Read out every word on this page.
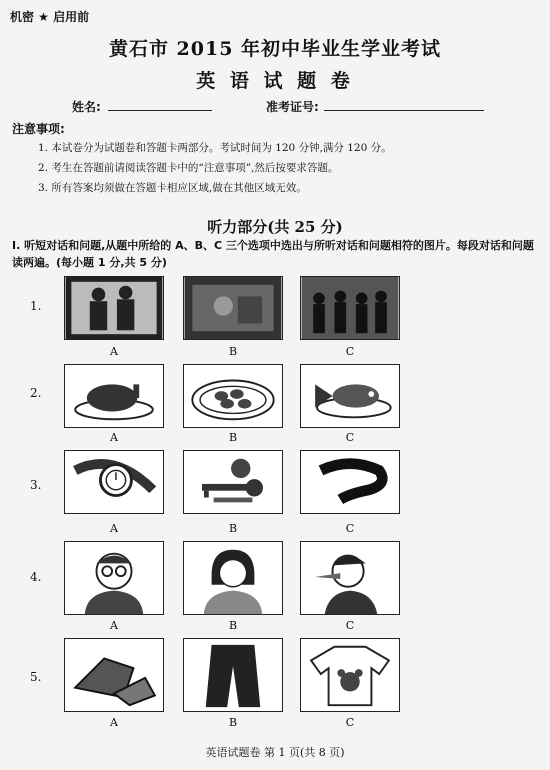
机密 ★ 启用前
黄石市 2015 年初中毕业生学业考试
英 语 试 题 卷
姓名:	准考证号:
注意事项:
1. 本试卷分为试题卷和答题卡两部分。考试时间为 120 分钟,满分 120 分。
2. 考生在答题前请阅读答题卡中的“注意事项”,然后按要求答题。
3. 所有答案均须做在答题卡相应区域,做在其他区域无效。
听力部分(共 25 分)
I. 听短对话和问题,从题中所给的 A、B、C 三个选项中选出与所听对话和问题相符的图片。每段对话和问题读两遍。(每小题 1 分,共 5 分)
1.
A	B	C
2.
A	B	C
3.
A	B	C
4.
A	B	C
5.
A	B	C
英语试题卷 第 1 页(共 8 页)
